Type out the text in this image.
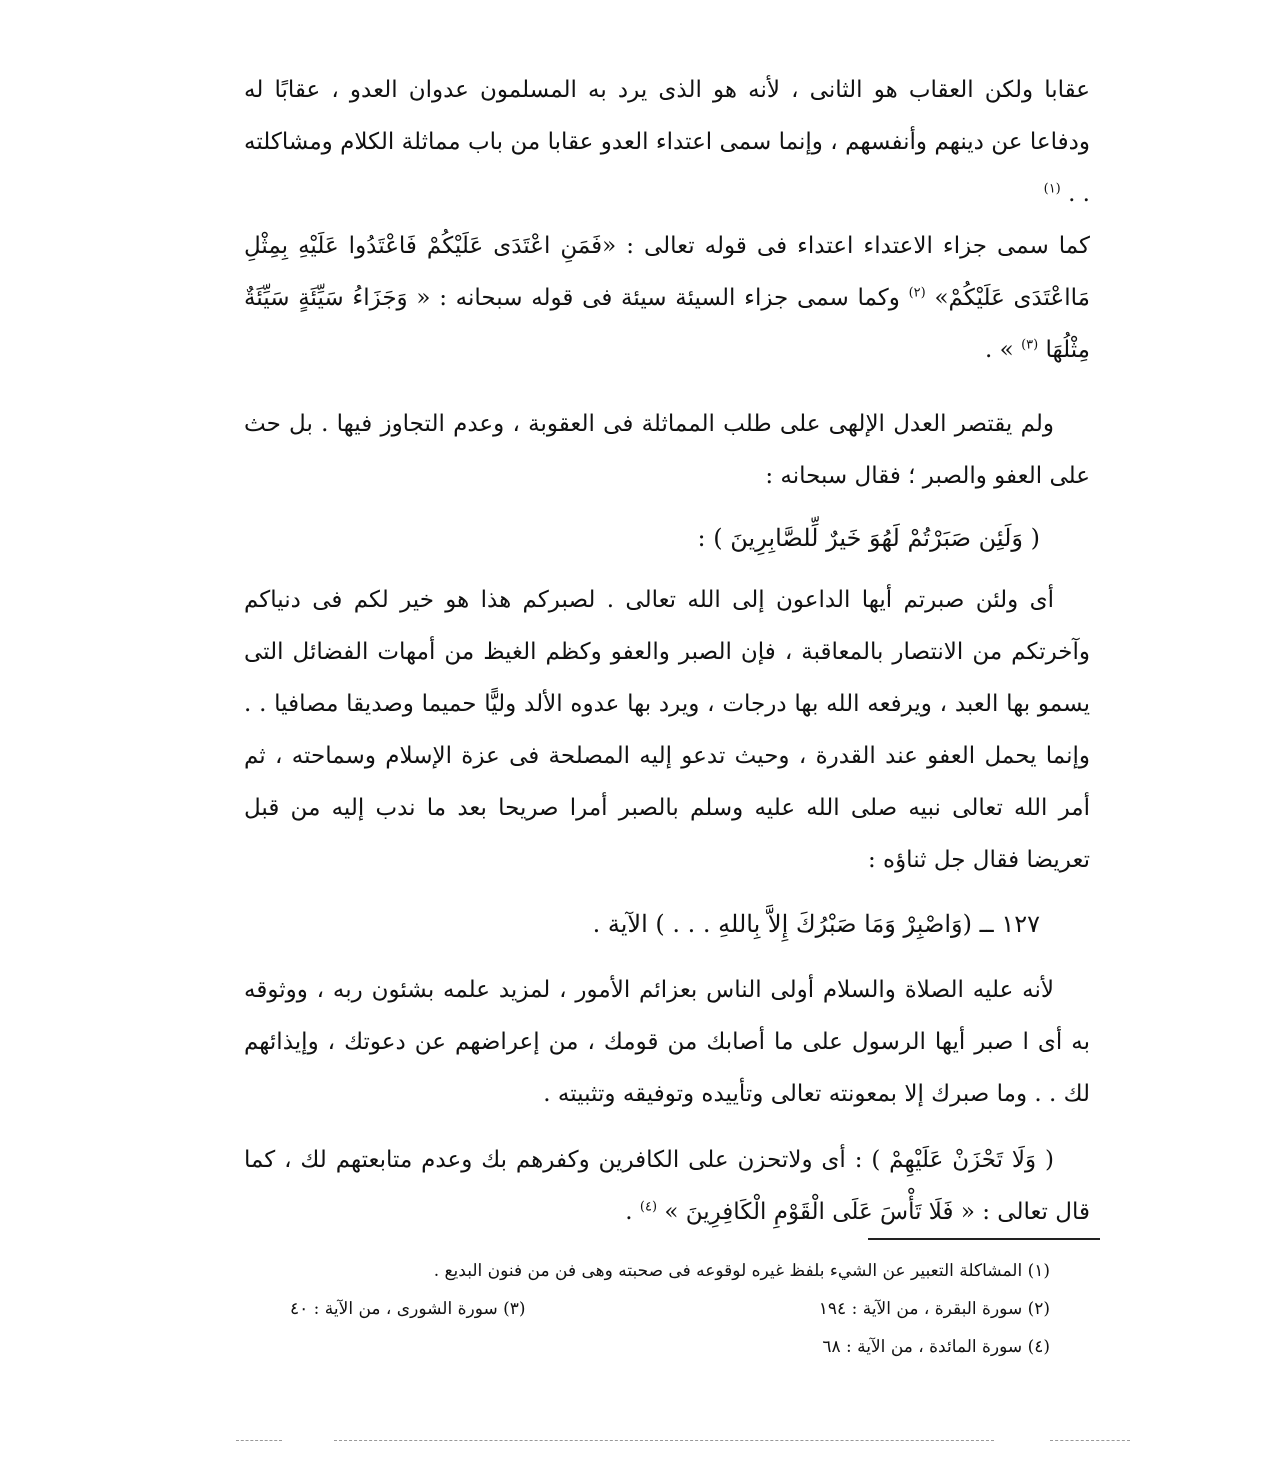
عقابا ولكن العقاب هو الثانى ، لأنه هو الذى يرد به المسلمون عدوان العدو ، عقابًا له ودفاعا عن دينهم وأنفسهم ، وإنما سمى اعتداء العدو عقابا من باب مماثلة الكلام ومشاكلته . . $^{(١)}$

كما سمى جزاء الاعتداء اعتداء فى قوله تعالى : «فَمَنِ اعْتَدَى عَلَيْكُمْ فَاعْتَدُوا عَلَيْهِ بِمِثْلِ مَااعْتَدَى عَلَيْكُمْ» $^{(٢)}$ وكما سمى جزاء السيئة سيئة فى قوله سبحانه : « وَجَزَاءُ سَيِّئَةٍ سَيِّئَةٌ مِثْلُهَا $^{(٣)}$ » .

ولم يقتصر العدل الإلهى على طلب المماثلة فى العقوبة ، وعدم التجاوز فيها . بل حث على العفو والصبر ؛ فقال سبحانه :

( وَلَئِن صَبَرْتُمْ لَهُوَ خَيرٌ لِّلصَّابِرِينَ ) :

أى ولئن صبرتم أيها الداعون إلى الله تعالى . لصبركم هذا هو خير لكم فى دنياكم وآخرتكم من الانتصار بالمعاقبة ، فإن الصبر والعفو وكظم الغيظ من أمهات الفضائل التى يسمو بها العبد ، ويرفعه الله بها درجات ، ويرد بها عدوه الألد وليًّا حميما وصديقا مصافيا . . وإنما يحمل العفو عند القدرة ، وحيث تدعو إليه المصلحة فى عزة الإسلام وسماحته ، ثم أمر الله تعالى نبيه صلى الله عليه وسلم بالصبر أمرا صريحا بعد ما ندب إليه من قبل تعريضا فقال جل ثناؤه :

١٢٧ ــ (وَاصْبِرْ وَمَا صَبْرُكَ إِلاَّ بِاللهِ . . . ) الآية .

لأنه عليه الصلاة والسلام أولى الناس بعزائم الأمور ، لمزيد علمه بشئون ربه ، ووثوقه به أى ا صبر أيها الرسول على ما أصابك من قومك ، من إعراضهم عن دعوتك ، وإيذائهم لك . . وما صبرك إلا بمعونته تعالى وتأييده وتوفيقه وتثبيته .

( وَلَا تَحْزَنْ عَلَيْهِمْ ) : أى ولاتحزن على الكافرين وكفرهم بك وعدم متابعتهم لك ، كما قال تعالى : « فَلَا تَأْسَ عَلَى الْقَوْمِ الْكَافِرِينَ » $^{(٤)}$ .

(١) المشاكلة التعبير عن الشيء بلفظ غيره لوقوعه فى صحبته وهى فن من فنون البديع .
(٢) سورة البقرة ، من الآية : ١٩٤
(٣) سورة الشورى ، من الآية : ٤٠
(٤) سورة المائدة ، من الآية : ٦٨
